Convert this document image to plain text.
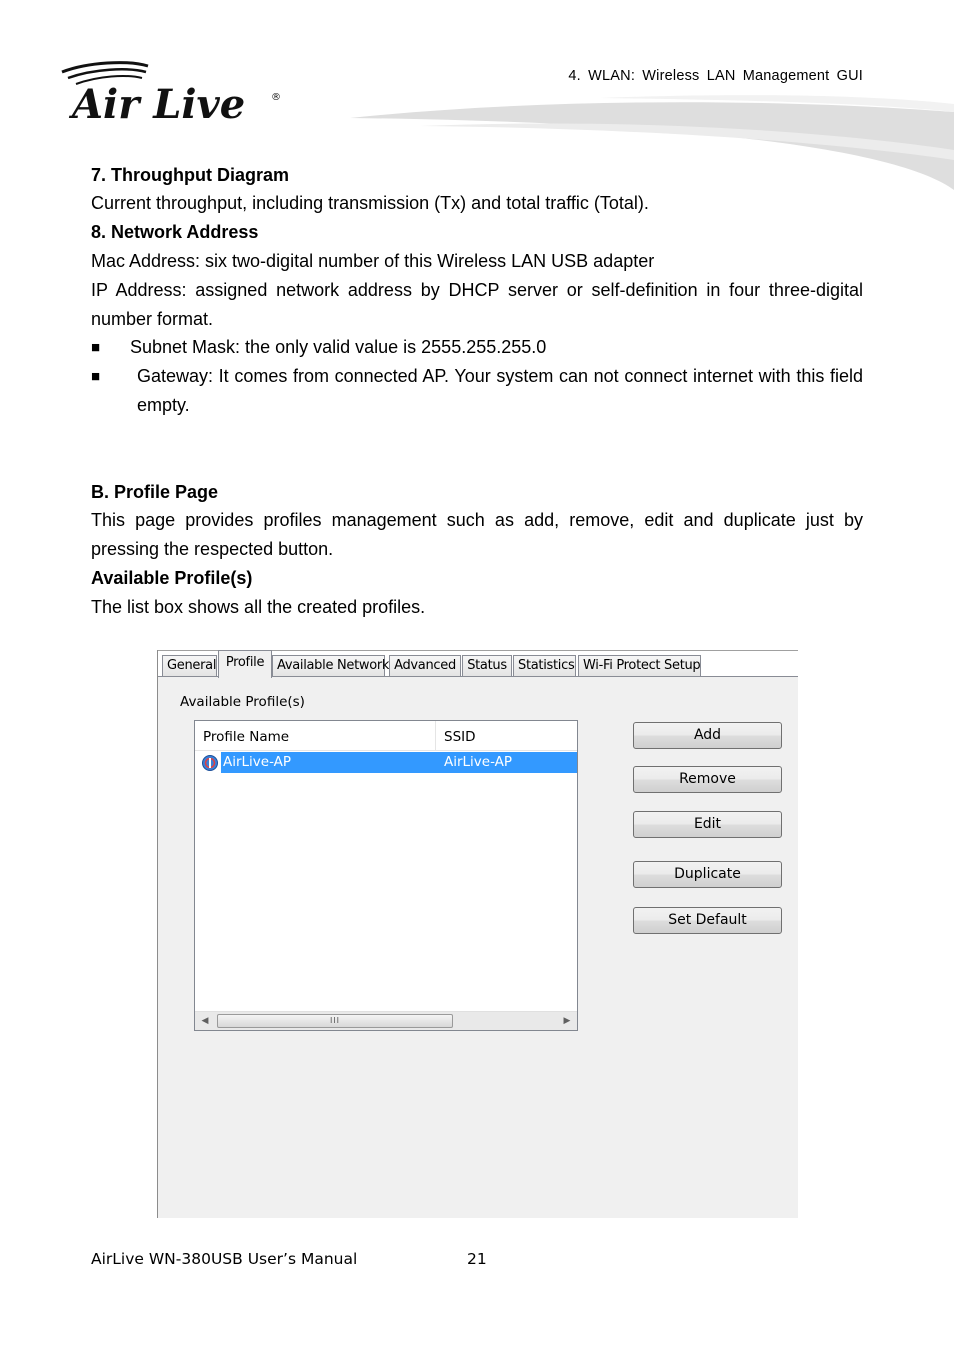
Air Live	®
4. WLAN: Wireless LAN Management GUI
7. Throughput Diagram
Current throughput, including transmission (Tx) and total traffic (Total).
8. Network Address
Mac Address: six two-digital number of this Wireless LAN USB adapter
IP Address: assigned network address by DHCP server or self-definition in four three-digital number format.
■ Subnet Mask: the only valid value is 2555.255.255.0
■ Gateway: It comes from connected AP. Your system can not connect internet with this field empty.
B. Profile Page
This page provides profiles management such as add, remove, edit and duplicate just by pressing the respected button.
Available Profile(s)
The list box shows all the created profiles.
General Profile Available Network Advanced Status Statistics Wi-Fi Protect Setup
Available Profile(s)
Profile Name	SSID
AirLive-AP	AirLive-AP
◀	III	▶
Add
Remove
Edit
Duplicate
Set Default
AirLive WN-380USB User’s Manual	21
